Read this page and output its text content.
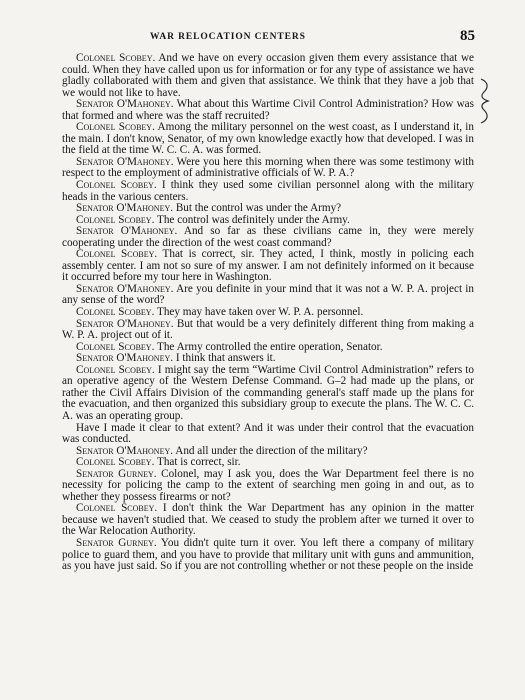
WAR RELOCATION CENTERS	85

Colonel Scobey. And we have on every occasion given them every assistance that we could. When they have called upon us for information or for any type of assistance we have gladly collaborated with them and given that assistance. We think that they have a job that we would not like to have.

Senator O'Mahoney. What about this Wartime Civil Control Administration? How was that formed and where was the staff recruited?

Colonel Scobey. Among the military personnel on the west coast, as I understand it, in the main. I don't know, Senator, of my own knowledge exactly how that developed. I was in the field at the time W. C. C. A. was formed.

Senator O'Mahoney. Were you here this morning when there was some testimony with respect to the employment of administrative officials of W. P. A.?

Colonel Scobey. I think they used some civilian personnel along with the military heads in the various centers.

Senator O'Mahoney. But the control was under the Army?

Colonel Scobey. The control was definitely under the Army.

Senator O'Mahoney. And so far as these civilians came in, they were merely cooperating under the direction of the west coast command?

Colonel Scobey. That is correct, sir. They acted, I think, mostly in policing each assembly center. I am not so sure of my answer. I am not definitely informed on it because it occurred before my tour here in Washington.

Senator O'Mahoney. Are you definite in your mind that it was not a W. P. A. project in any sense of the word?

Colonel Scobey. They may have taken over W. P. A. personnel.

Senator O'Mahoney. But that would be a very definitely different thing from making a W. P. A. project out of it.

Colonel Scobey. The Army controlled the entire operation, Senator.

Senator O'Mahoney. I think that answers it.

Colonel Scobey. I might say the term “Wartime Civil Control Administration” refers to an operative agency of the Western Defense Command. G–2 had made up the plans, or rather the Civil Affairs Division of the commanding general's staff made up the plans for the evacuation, and then organized this subsidiary group to execute the plans. The W. C. C. A. was an operating group.

Have I made it clear to that extent? And it was under their control that the evacuation was conducted.

Senator O'Mahoney. And all under the direction of the military?

Colonel Scobey. That is correct, sir.

Senator Gurney. Colonel, may I ask you, does the War Department feel there is no necessity for policing the camp to the extent of searching men going in and out, as to whether they possess firearms or not?

Colonel Scobey. I don't think the War Department has any opinion in the matter because we haven't studied that. We ceased to study the problem after we turned it over to the War Relocation Authority.

Senator Gurney. You didn't quite turn it over. You left there a company of military police to guard them, and you have to provide that military unit with guns and ammunition, as you have just said. So if you are not controlling whether or not these people on the inside
